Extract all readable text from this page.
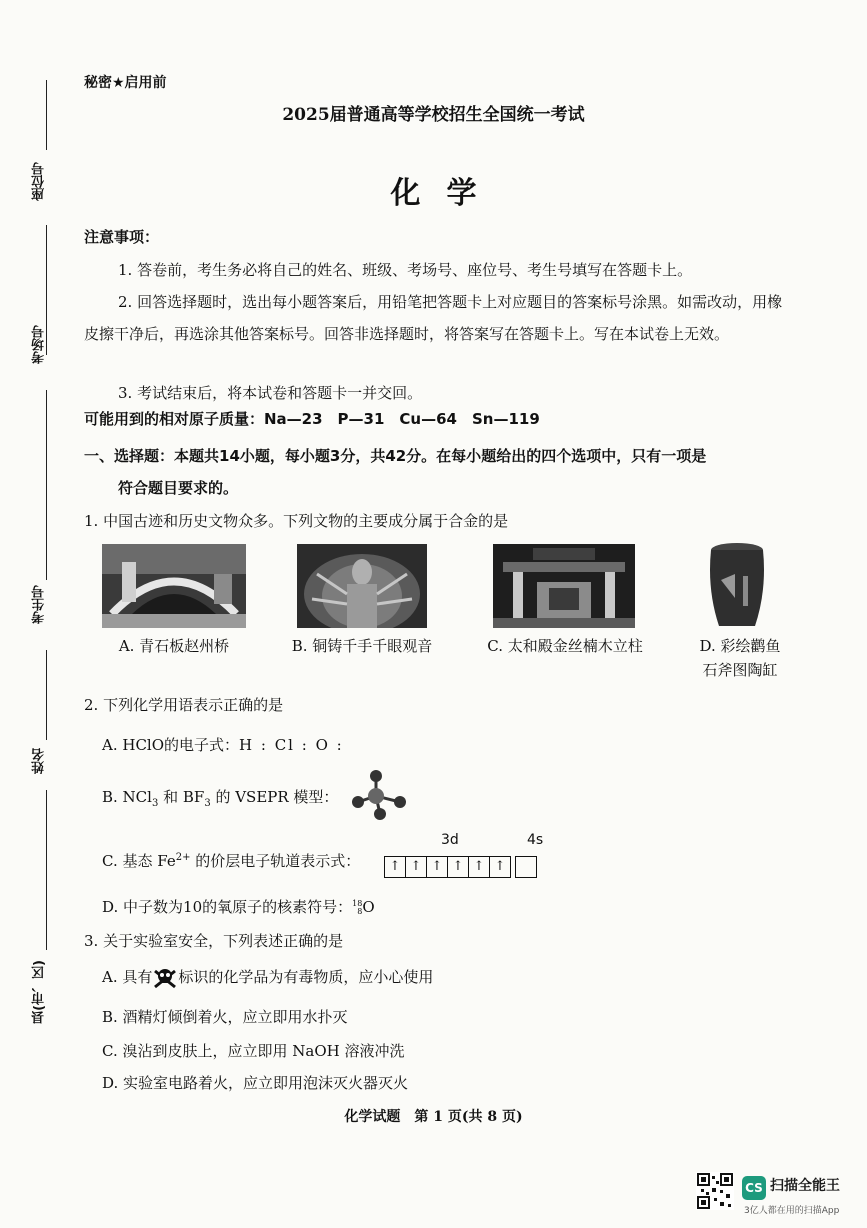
座位号
考场号
考生号
姓名
县(市、区)
秘密★启用前
2025届普通高等学校招生全国统一考试
化学
注意事项：
1. 答卷前，考生务必将自己的姓名、班级、考场号、座位号、考生号填写在答题卡上。
2. 回答选择题时，选出每小题答案后，用铅笔把答题卡上对应题目的答案标号涂黑。如需改动，用橡皮擦干净后，再选涂其他答案标号。回答非选择题时，将答案写在答题卡上。写在本试卷上无效。
3. 考试结束后，将本试卷和答题卡一并交回。
可能用到的相对原子质量：Na—23　P—31　Cu—64　Sn—119
一、选择题：本题共14小题，每小题3分，共42分。在每小题给出的四个选项中，只有一项是
符合题目要求的。
1. 中国古迹和历史文物众多。下列文物的主要成分属于合金的是
A. 青石板赵州桥	B. 铜铸千手千眼观音	C. 太和殿金丝楠木立柱	D. 彩绘鹳鱼
石斧图陶缸
2. 下列化学用语表示正确的是
A. HClO的电子式：H : Cl : O :
B. NCl$_3$ 和 $BF_3$ 的 VSEPR 模型：
C. 基态 $Fe^{2+}$ 的价层电子轨道表示式：
3d	4s
↑ ↑ ↑ ↑ ↑ ↑
D. 中子数为10的氧原子的核素符号： 18
8 O
3. 关于实验室安全，下列表述正确的是
A. 具有 标识的化学品为有毒物质，应小心使用
B. 酒精灯倾倒着火，应立即用水扑灭
C. 溴沾到皮肤上，应立即用 NaOH 溶液冲洗
D. 实验室电路着火，应立即用泡沫灭火器灭火
化学试题　第 1 页(共 8 页)
CS 扫描全能王
3亿人都在用的扫描App
